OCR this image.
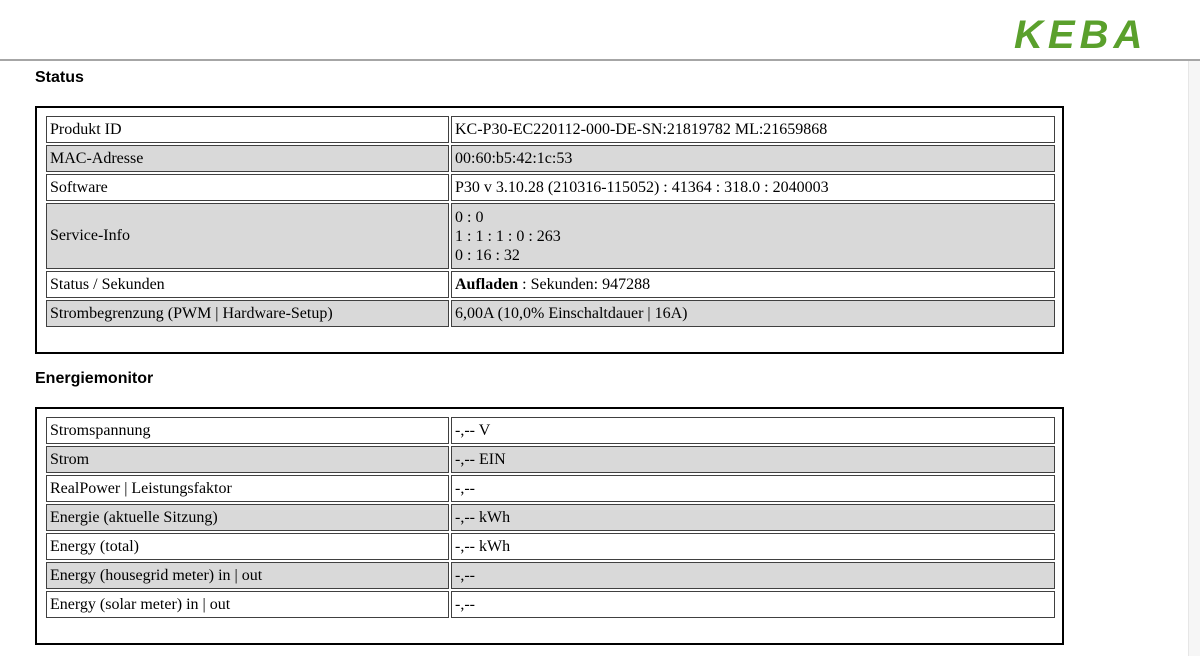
KEBA
Status
Produkt ID	KC-P30-EC220112-000-DE-SN:21819782 ML:21659868
MAC-Adresse	00:60:b5:42:1c:53
Software	P30 v 3.10.28 (210316-115052) : 41364 : 318.0 : 2040003
Service-Info	0 : 0
1 : 1 : 1 : 0 : 263
0 : 16 : 32

Status / Sekunden	Aufladen : Sekunden: 947288
Strombegrenzung (PWM | Hardware-Setup)	6,00A (10,0% Einschaltdauer | 16A)
Energiemonitor
Stromspannung	-,-- V
Strom	-,-- EIN
RealPower | Leistungsfaktor	-,--
Energie (aktuelle Sitzung)	-,-- kWh
Energy (total)	-,-- kWh
Energy (housegrid meter) in | out	-,--
Energy (solar meter) in | out	-,--
